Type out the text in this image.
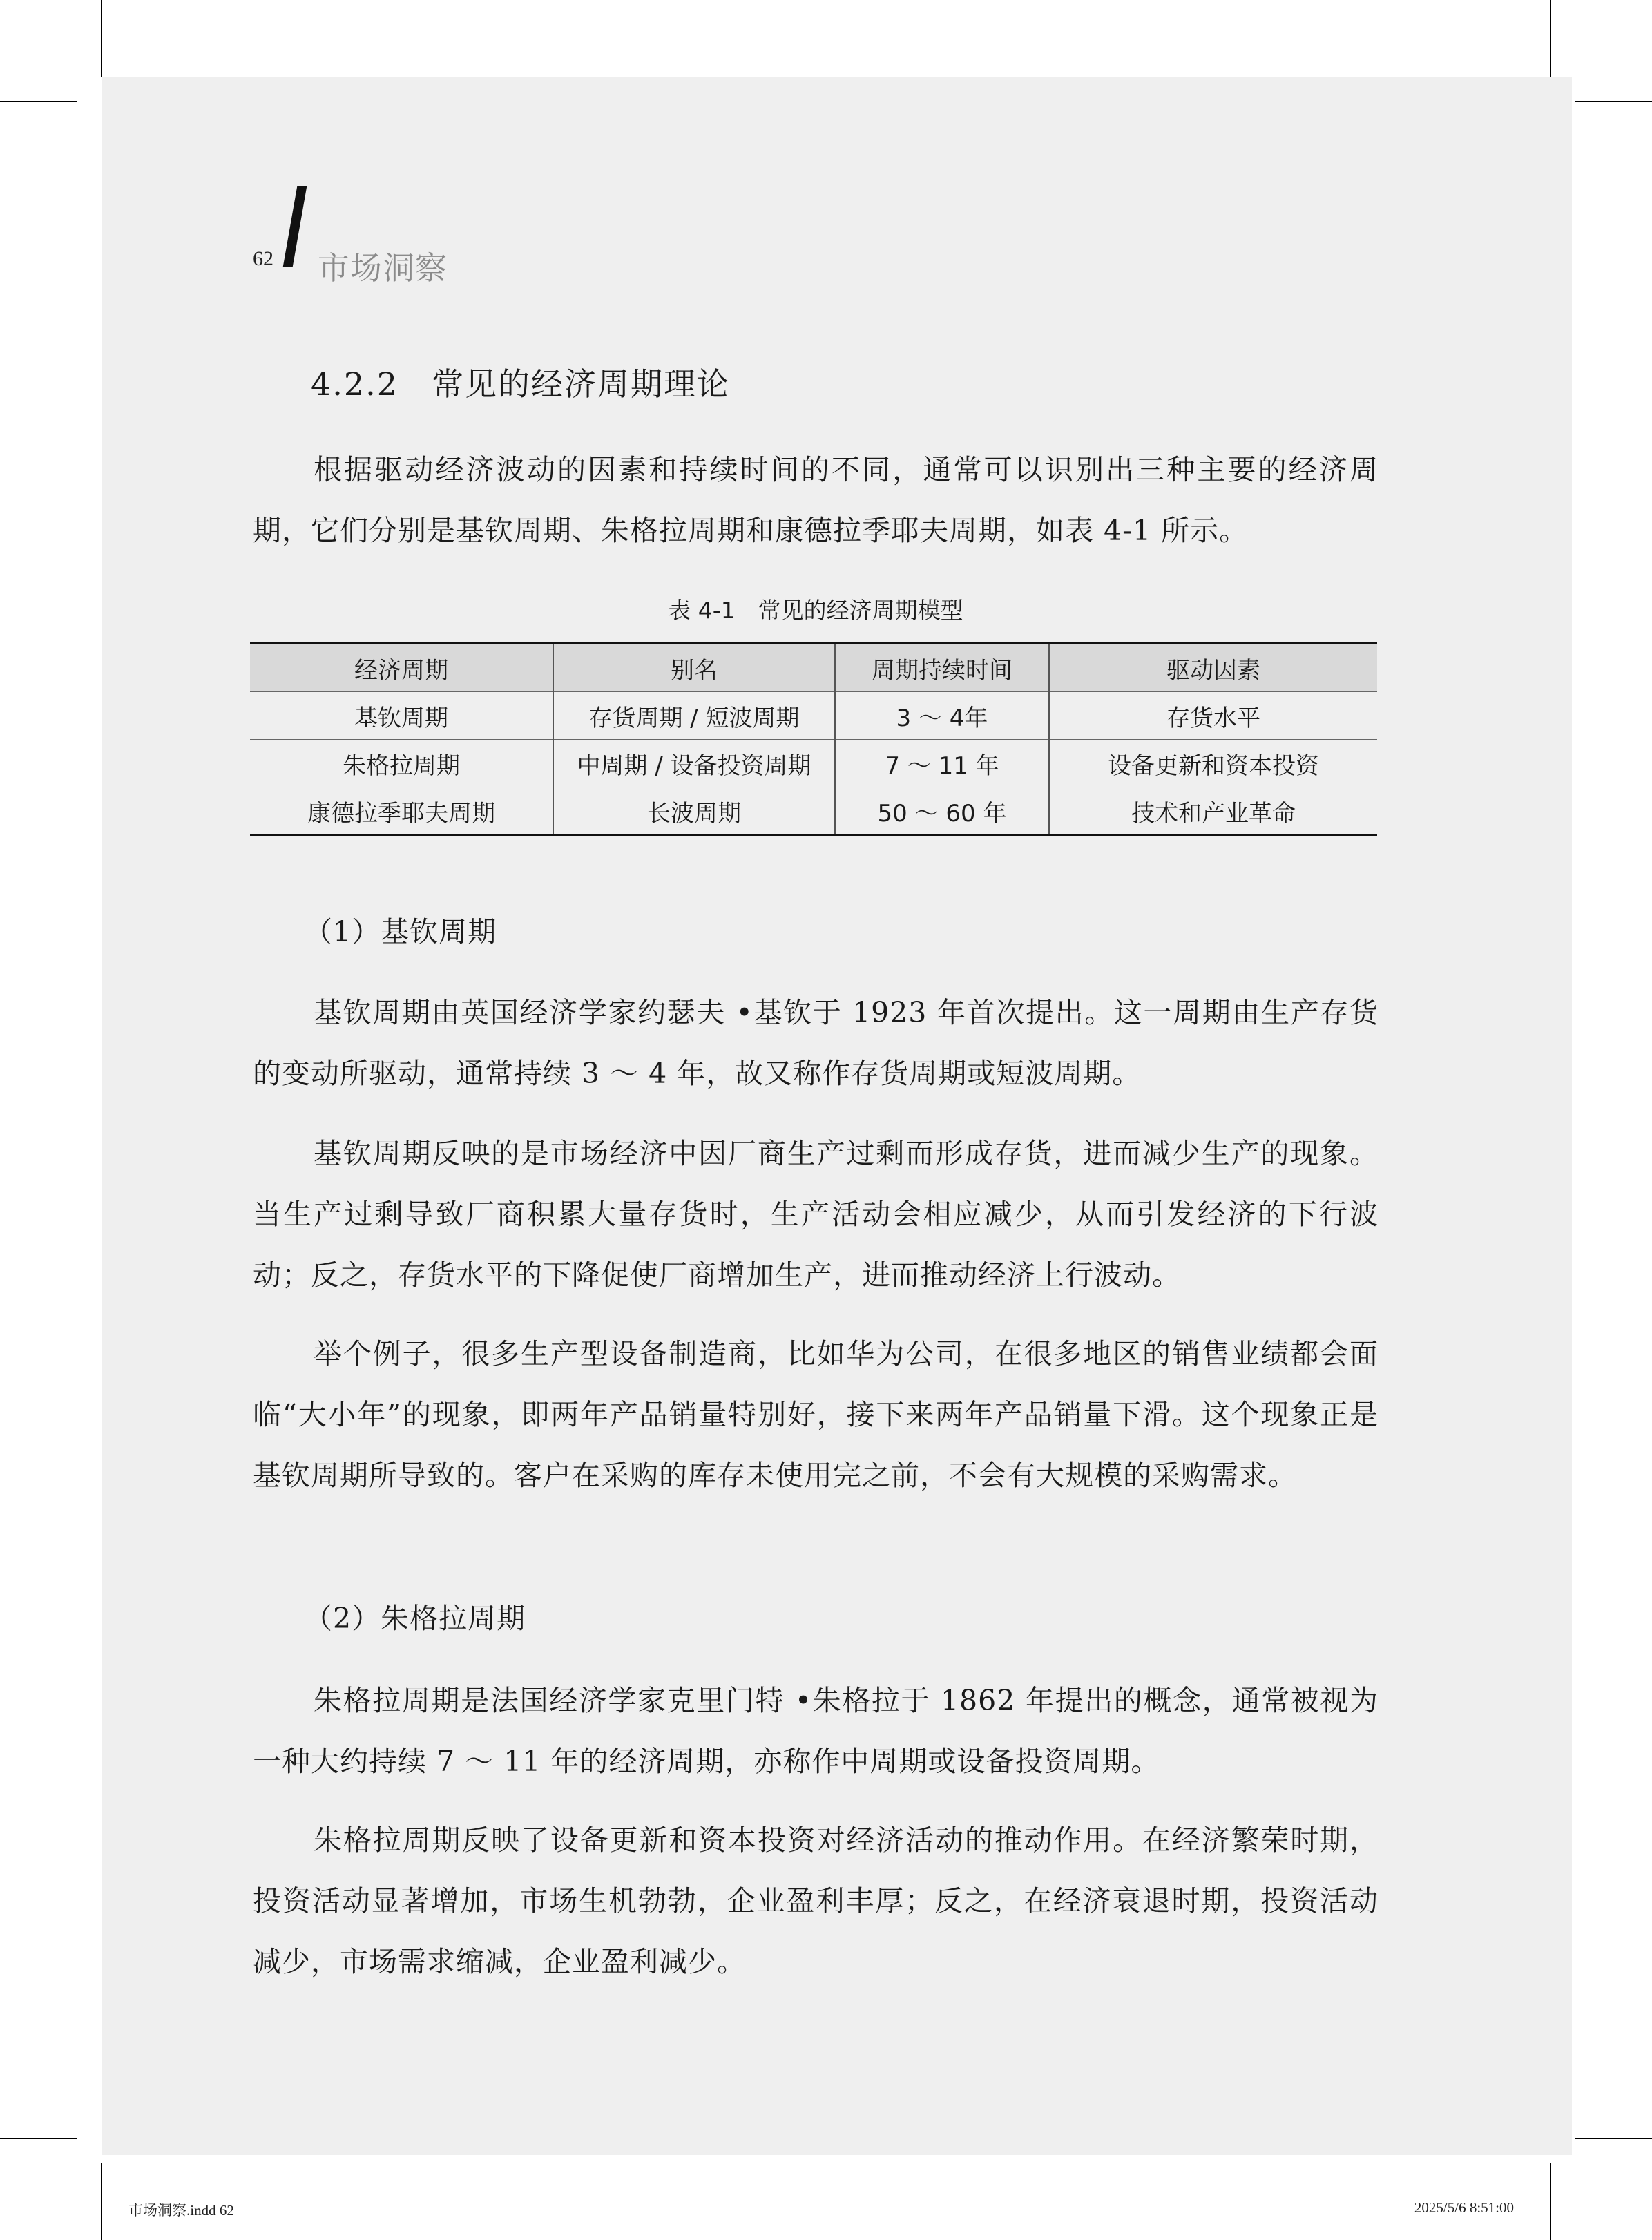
62 市场洞察
4.2.2　常见的经济周期理论

根据驱动经济波动的因素和持续时间的不同，通常可以识别出三种主要的经济周期，它们分别是基钦周期、朱格拉周期和康德拉季耶夫周期，如表 4-1 所示。

表 4-1　常见的经济周期模型
经济周期	别名	周期持续时间	驱动因素
基钦周期	存货周期 / 短波周期	3 ～ 4年	存货水平
朱格拉周期	中周期 / 设备投资周期	7 ～ 11 年	设备更新和资本投资
康德拉季耶夫周期	长波周期	50 ～ 60 年	技术和产业革命

（1）基钦周期

基钦周期由英国经济学家约瑟夫 •基钦于 1923 年首次提出。这一周期由生产存货的变动所驱动，通常持续 3 ～ 4 年，故又称作存货周期或短波周期。

基钦周期反映的是市场经济中因厂商生产过剩而形成存货，进而减少生产的现象。当生产过剩导致厂商积累大量存货时，生产活动会相应减少，从而引发经济的下行波动；反之，存货水平的下降促使厂商增加生产，进而推动经济上行波动。

举个例子，很多生产型设备制造商，比如华为公司，在很多地区的销售业绩都会面临“大小年”的现象，即两年产品销量特别好，接下来两年产品销量下滑。这个现象正是基钦周期所导致的。客户在采购的库存未使用完之前，不会有大规模的采购需求。

（2）朱格拉周期

朱格拉周期是法国经济学家克里门特 •朱格拉于 1862 年提出的概念，通常被视为一种大约持续 7 ～ 11 年的经济周期，亦称作中周期或设备投资周期。

朱格拉周期反映了设备更新和资本投资对经济活动的推动作用。在经济繁荣时期，投资活动显著增加，市场生机勃勃，企业盈利丰厚；反之，在经济衰退时期，投资活动减少，市场需求缩减，企业盈利减少。

市场洞察.indd 62	2025/5/6 8:51:00
